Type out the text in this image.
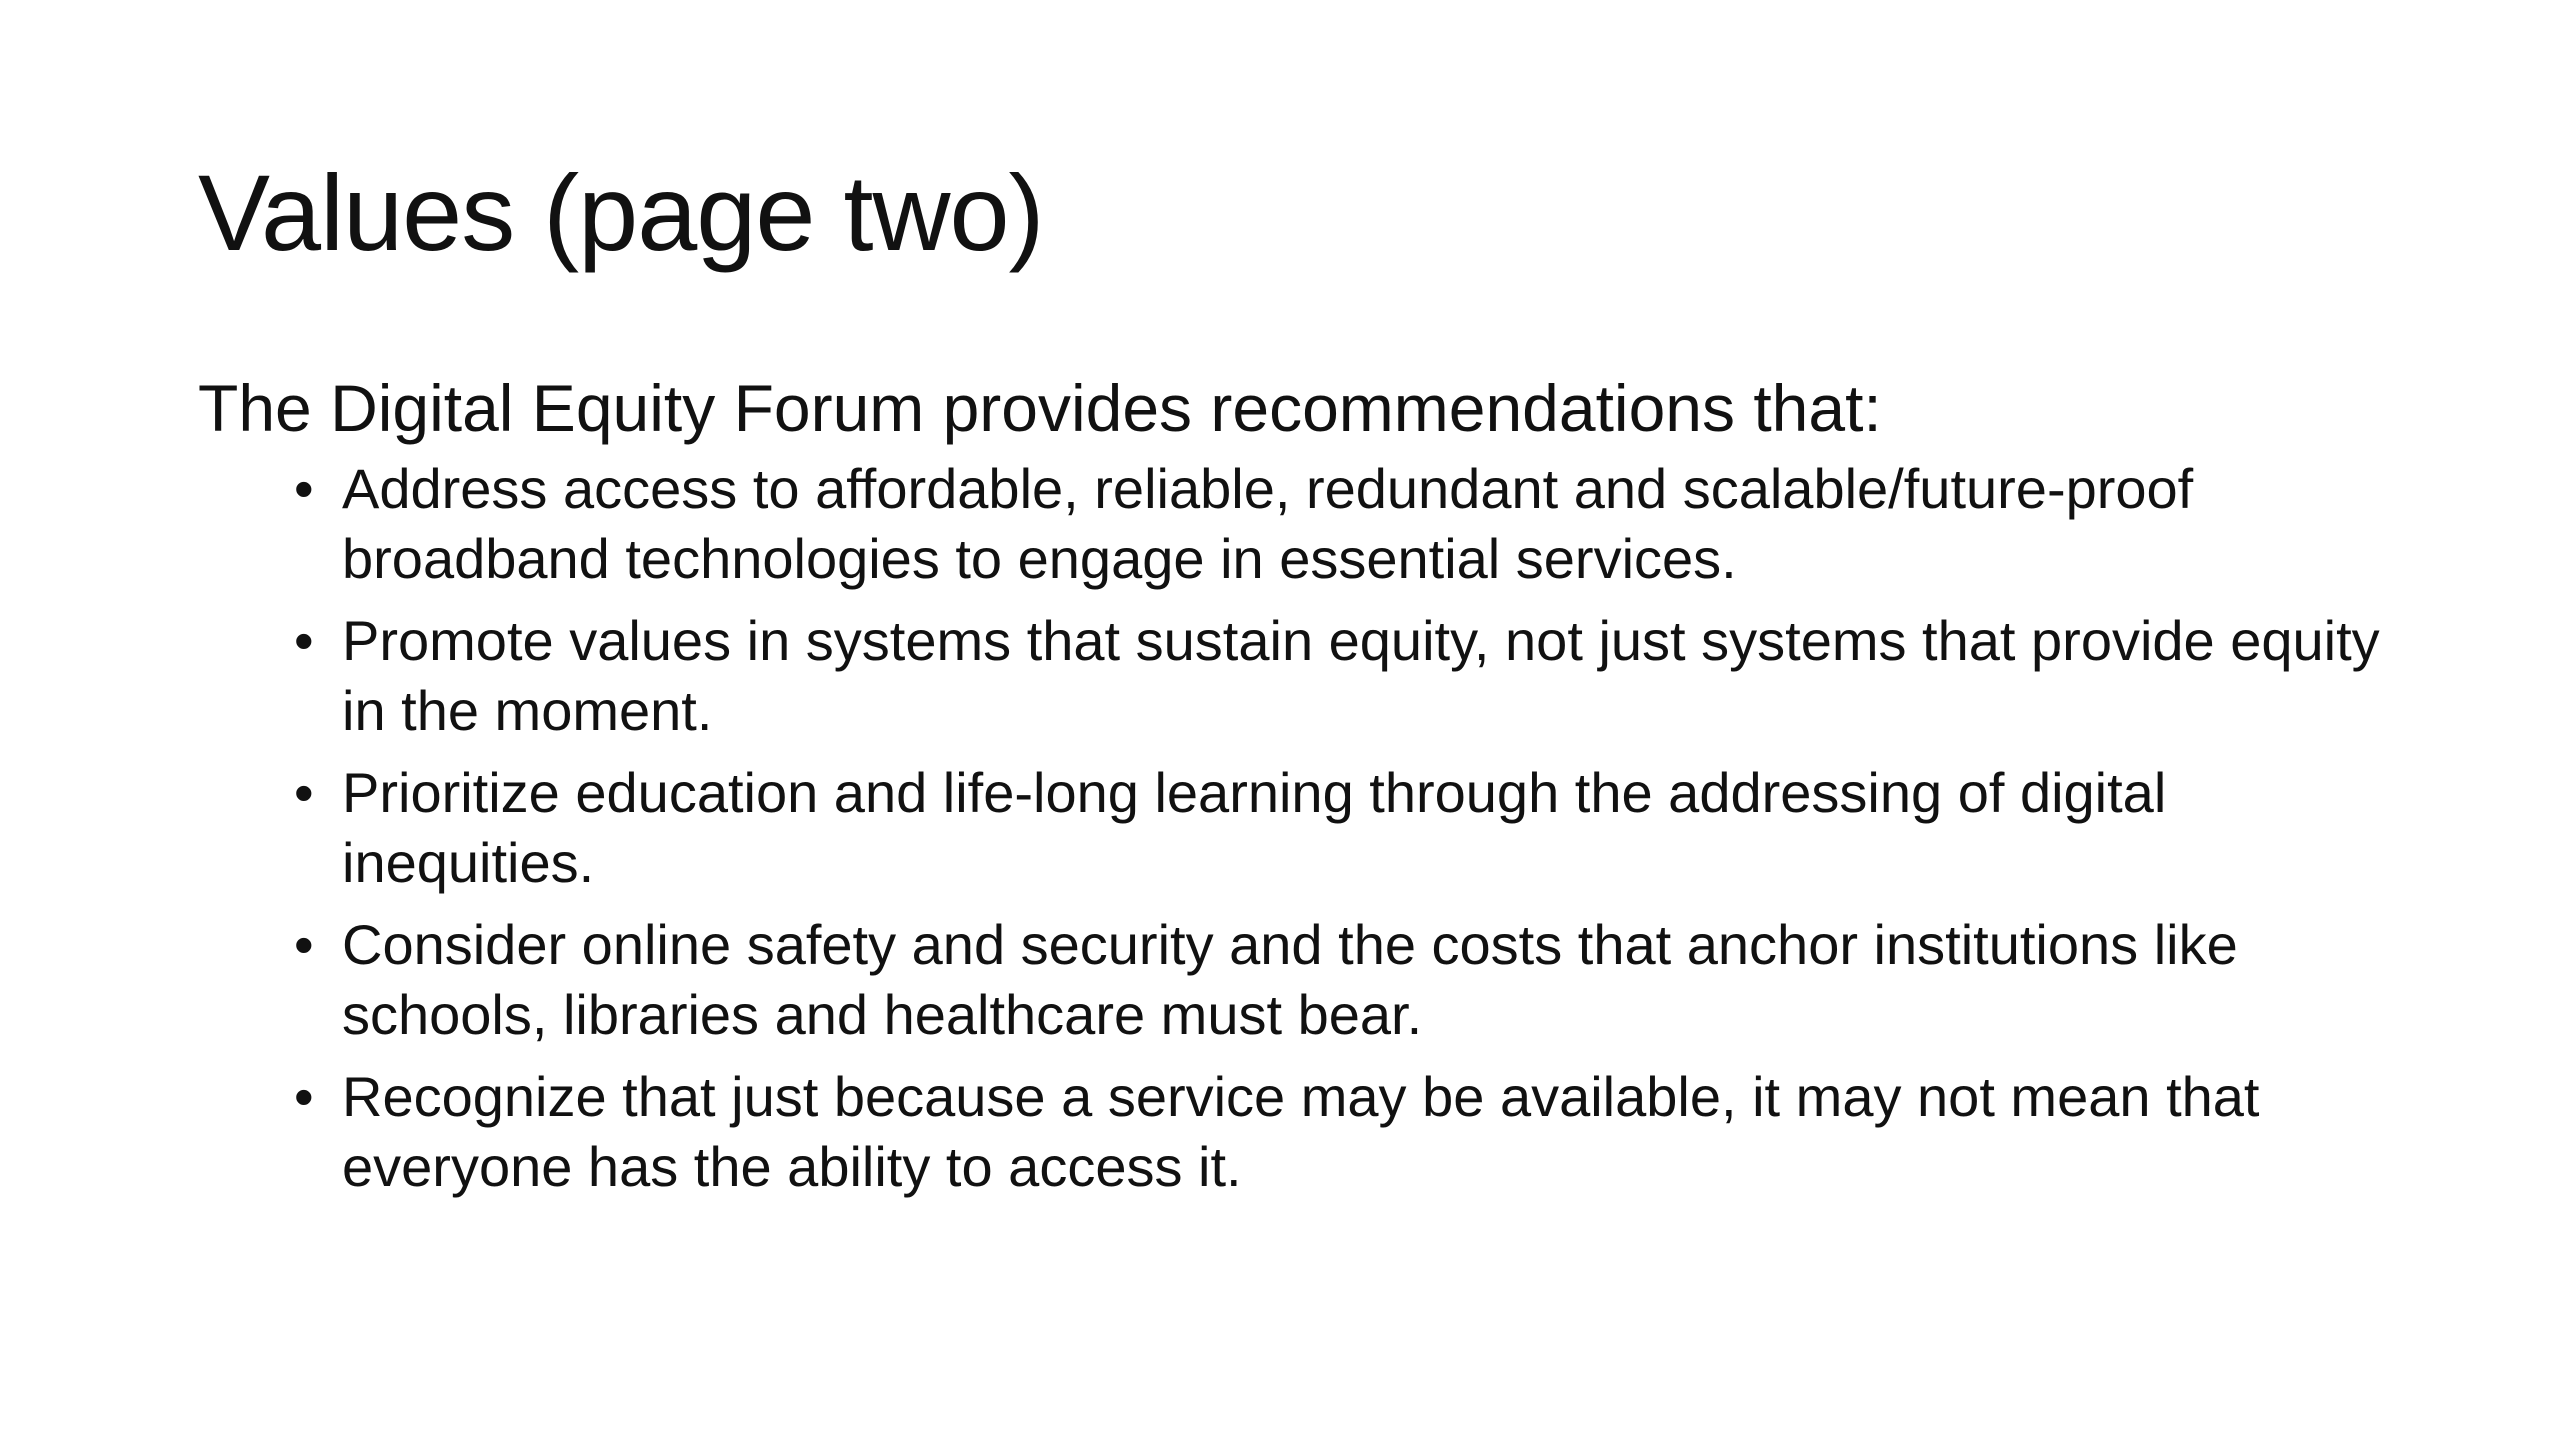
Values (page two)

The Digital Equity Forum provides recommendations that:

• Address access to affordable, reliable, redundant and scalable/future-proof broadband technologies to engage in essential services.
• Promote values in systems that sustain equity, not just systems that provide equity in the moment.
• Prioritize education and life-long learning through the addressing of digital inequities.
• Consider online safety and security and the costs that anchor institutions like schools, libraries and healthcare must bear.
• Recognize that just because a service may be available, it may not mean that everyone has the ability to access it.
